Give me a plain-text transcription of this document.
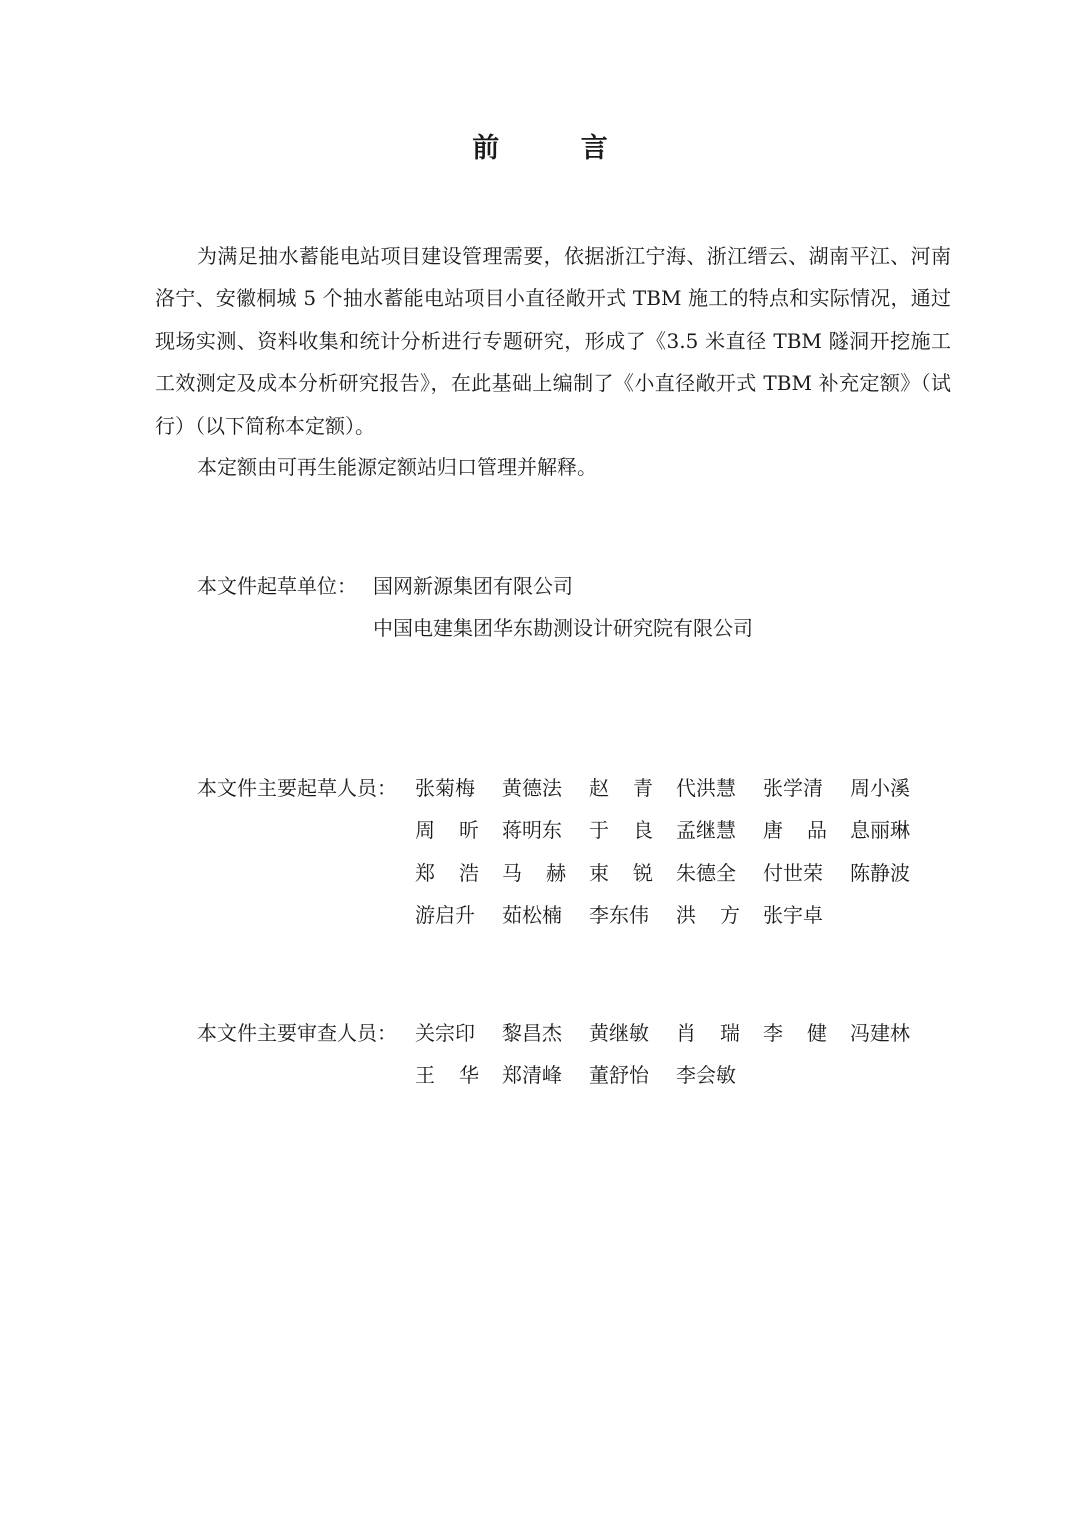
前 言
为满足抽水蓄能电站项目建设管理需要，依据浙江宁海、浙江缙云、湖南平江、河南洛宁、安徽桐城 5 个抽水蓄能电站项目小直径敞开式 TBM 施工的特点和实际情况，通过现场实测、资料收集和统计分析进行专题研究，形成了《3.5 米直径 TBM 隧洞开挖施工工效测定及成本分析研究报告》，在此基础上编制了《小直径敞开式 TBM 补充定额》（试行）（以下简称本定额）。
本定额由可再生能源定额站归口管理并解释。
本文件起草单位： 国网新源集团有限公司
中国电建集团华东勘测设计研究院有限公司
本文件主要起草人员： 张菊梅 黄德法 赵 青 代洪慧 张学清 周小溪
周 昕 蒋明东 于 良 孟继慧 唐 品 息丽琳
郑 浩 马 赫 束 锐 朱德全 付世荣 陈静波
游启升 茹松楠 李东伟 洪 方 张宇卓
本文件主要审查人员： 关宗印 黎昌杰 黄继敏 肖 瑞 李 健 冯建林
王 华 郑清峰 董舒怡 李会敏
